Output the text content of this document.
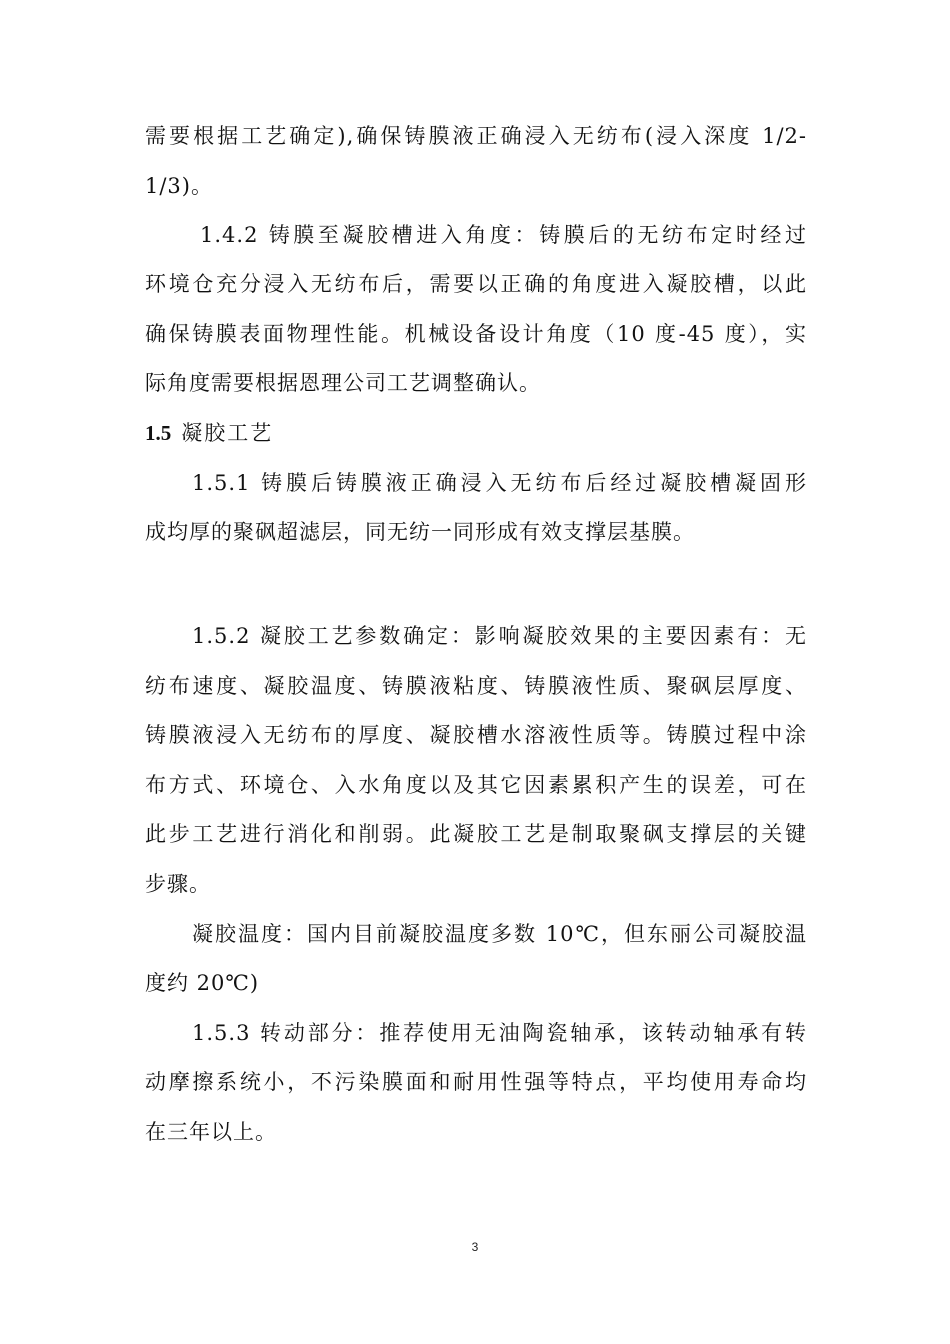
需要根据工艺确定),确保铸膜液正确浸入无纺布(浸入深度 1/2-
1/3)。
1.4.2 铸膜至凝胶槽进入角度：铸膜后的无纺布定时经过
环境仓充分浸入无纺布后，需要以正确的角度进入凝胶槽，以此
确保铸膜表面物理性能。机械设备设计角度（10 度-45 度），实
际角度需要根据恩理公司工艺调整确认。
1.5 凝胶工艺
1.5.1 铸膜后铸膜液正确浸入无纺布后经过凝胶槽凝固形
成均厚的聚砜超滤层，同无纺一同形成有效支撑层基膜。
1.5.2 凝胶工艺参数确定：影响凝胶效果的主要因素有：无
纺布速度、凝胶温度、铸膜液粘度、铸膜液性质、聚砜层厚度、
铸膜液浸入无纺布的厚度、凝胶槽水溶液性质等。铸膜过程中涂
布方式、环境仓、入水角度以及其它因素累积产生的误差，可在
此步工艺进行消化和削弱。此凝胶工艺是制取聚砜支撑层的关键
步骤。
凝胶温度：国内目前凝胶温度多数 10℃，但东丽公司凝胶温
度约 20℃)
1.5.3 转动部分：推荐使用无油陶瓷轴承，该转动轴承有转
动摩擦系统小，不污染膜面和耐用性强等特点，平均使用寿命均
在三年以上。
3
